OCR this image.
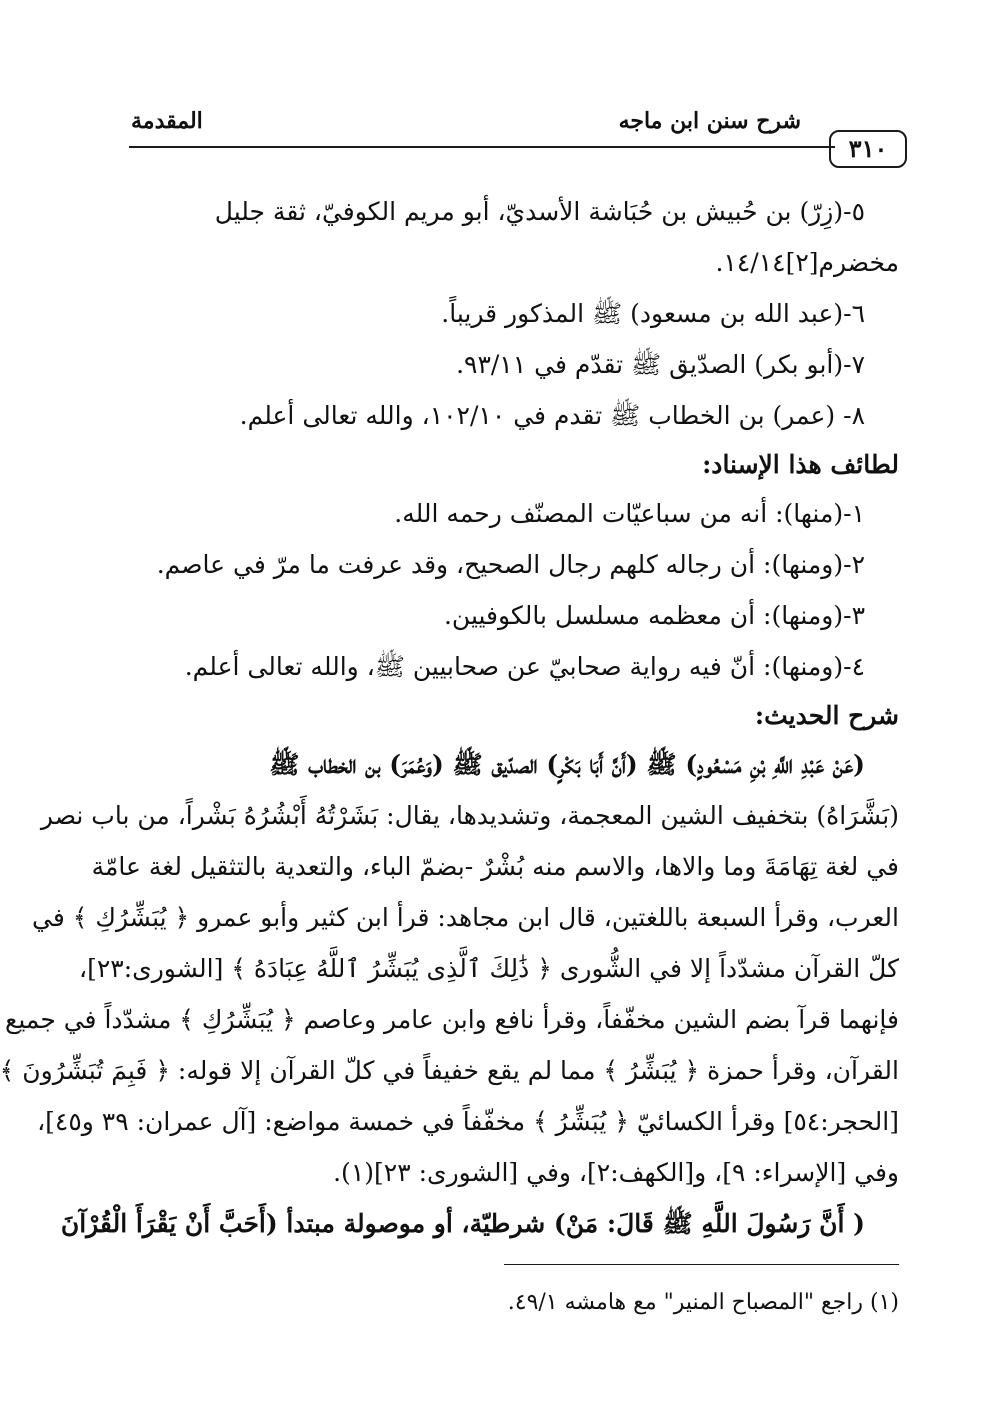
٣١٠
شرح سنن ابن ماجه
المقدمة
٥-(زِرّ) بن حُبيش بن حُبَاشة الأسديّ، أبو مريم الكوفيّ، ثقة جليل
مخضرم[٢]١٤/١٤.
٦-(عبد الله بن مسعود) ﷺ المذكور قريباً.
٧-(أبو بكر) الصدّيق ﷺ تقدّم في ٩٣/١١.
٨- (عمر) بن الخطاب ﷺ تقدم في ١٠٢/١٠، والله تعالى أعلم.
لطائف هذا الإسناد:
١-(منها): أنه من سباعيّات المصنّف رحمه الله.
٢-(ومنها): أن رجاله كلهم رجال الصحيح، وقد عرفت ما مرّ في عاصم.
٣-(ومنها): أن معظمه مسلسل بالكوفيين.
٤-(ومنها): أنّ فيه رواية صحابيّ عن صحابيين ﷺ، والله تعالى أعلم.
شرح الحديث:
(عَنْ عَبْدِ اللَّهِ بْنِ مَسْعُودٍ) ﷺ (أَنَّ أَبَا بَكْرٍ) الصدّيق ﷺ (وَعُمَرَ) بن الخطاب ﷺ
(بَشَّرَاهُ) بتخفيف الشين المعجمة، وتشديدها، يقال: بَشَرْتُهُ أَبْشُرُهُ بَشْراً، من باب نصر
في لغة تِهَامَةَ وما والاها، والاسم منه بُشْرٌ -بضمّ الباء، والتعدية بالتثقيل لغة عامّة
العرب، وقرأ السبعة باللغتين، قال ابن مجاهد: قرأ ابن كثير وأبو عمرو ﴿ يُبَشِّرُكِ ﴾ في
كلّ القرآن مشدّداً إلا في الشُّورى ﴿ ذَٰلِكَ ٱلَّذِى يُبَشِّرُ ٱللَّهُ عِبَادَهُ ﴾ [الشورى:٢٣]،
فإنهما قرآ بضم الشين مخفّفاً، وقرأ نافع وابن عامر وعاصم ﴿ يُبَشِّرُكِ ﴾ مشدّداً في جميع
القرآن، وقرأ حمزة ﴿ يُبَشِّرُ ﴾ مما لم يقع خفيفاً في كلّ القرآن إلا قوله: ﴿ فَبِمَ تُبَشِّرُونَ ﴾
[الحجر:٥٤] وقرأ الكسائيّ ﴿ يُبَشِّرُ ﴾ مخفّفاً في خمسة مواضع: [آل عمران: ٣٩ و٤٥]،
وفي [الإسراء: ٩]، و[الكهف:٢]، وفي [الشورى: ٢٣](١).
( أَنَّ رَسُولَ اللَّهِ ﷺ قَالَ: مَنْ) شرطيّة، أو موصولة مبتدأ (أَحَبَّ أَنْ يَقْرَأَ الْقُرْآنَ
(١) راجع "المصباح المنير" مع هامشه ٤٩/١.
